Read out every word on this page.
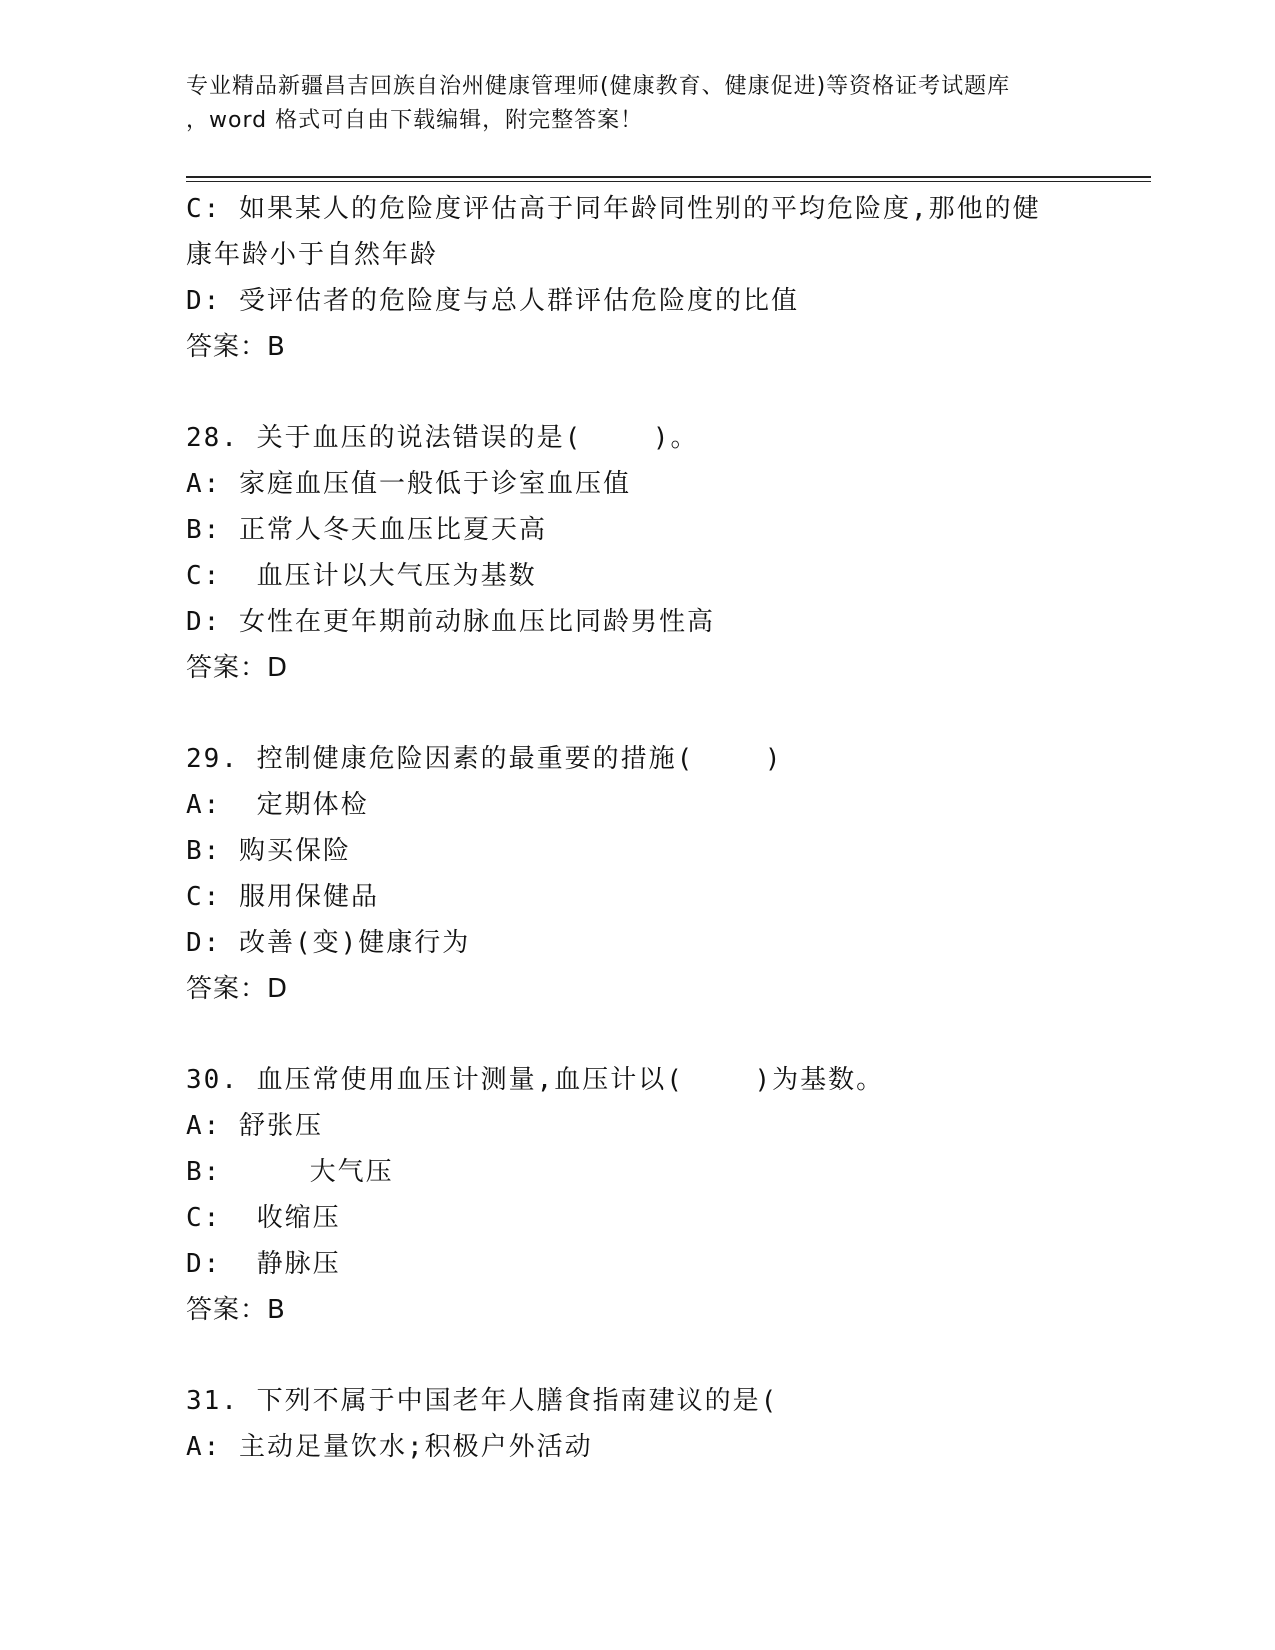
专业精品新疆昌吉回族自治州健康管理师(健康教育、健康促进)等资格证考试题库
，word 格式可自由下载编辑，附完整答案！
C: 如果某人的危险度评估高于同年龄同性别的平均危险度,那他的健
康年龄小于自然年龄
D: 受评估者的危险度与总人群评估危险度的比值
答案：B
28. 关于血压的说法错误的是(    )。
A: 家庭血压值一般低于诊室血压值
B: 正常人冬天血压比夏天高
C:  血压计以大气压为基数
D: 女性在更年期前动脉血压比同龄男性高
答案：D
29. 控制健康危险因素的最重要的措施(    )
A:  定期体检
B: 购买保险
C: 服用保健品
D: 改善(变)健康行为
答案：D
30. 血压常使用血压计测量,血压计以(    )为基数。
A: 舒张压
B:     大气压
C:  收缩压
D:  静脉压
答案：B
31. 下列不属于中国老年人膳食指南建议的是(
A: 主动足量饮水;积极户外活动
